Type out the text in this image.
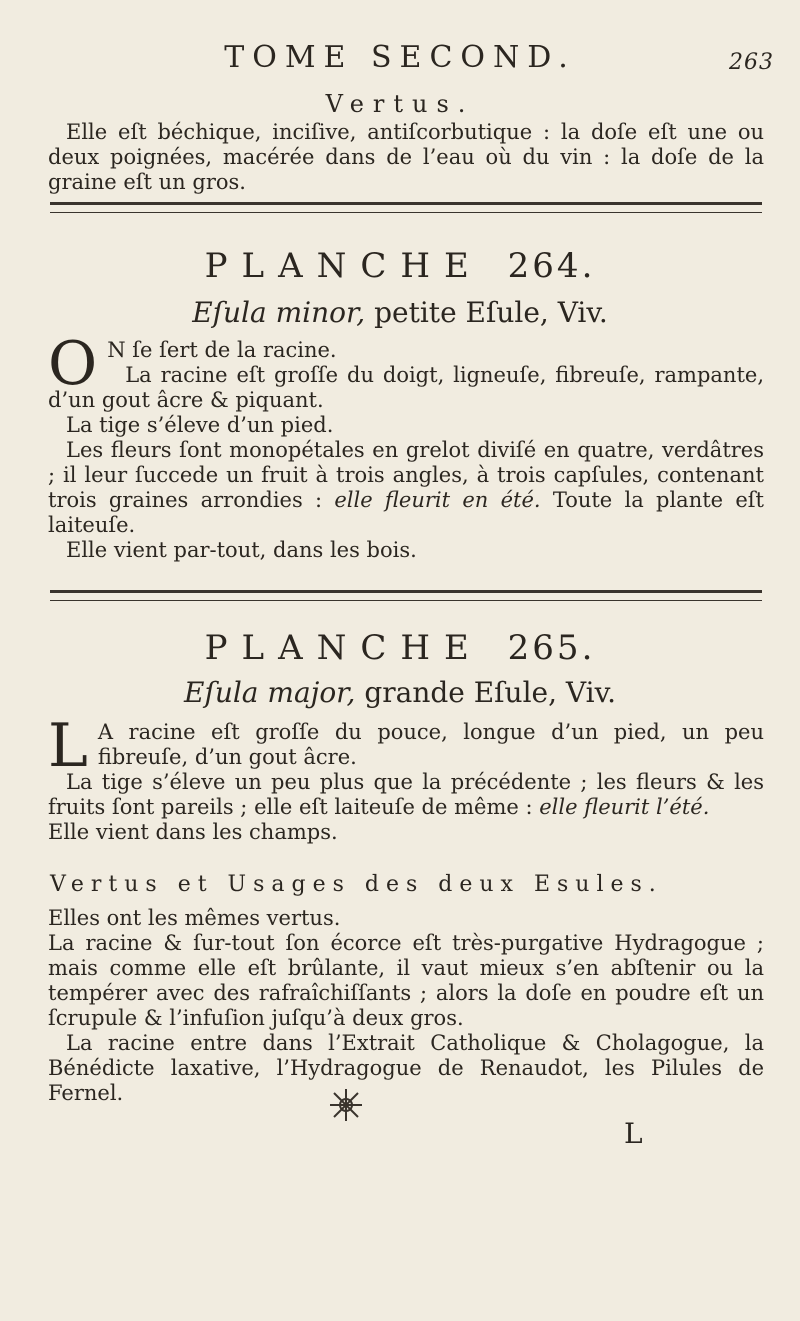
TOME SECOND.	263
Vertus.
Elle eſt béchique, inciſive, antiſcorbutique : la doſe eſt une ou deux poignées, macérée dans de l’eau où du vin : la doſe de la graine eſt un gros.
PLANCHE 264.
Eſula minor, petite Eſule, Viv.
O N ſe ſert de la racine.
La racine eſt groſſe du doigt, ligneuſe, fibreuſe, rampante, d’un gout âcre & piquant.
La tige s’éleve d’un pied.
Les fleurs ſont monopétales en grelot diviſé en quatre, verdâtres ; il leur ſuccede un fruit à trois angles, à trois capſules, contenant trois graines arrondies : elle fleurit en été. Toute la plante eſt laiteuſe.
Elle vient par-tout, dans les bois.
PLANCHE 265.
Eſula major, grande Eſule, Viv.
L A racine eſt groſſe du pouce, longue d’un pied, un peu fibreuſe, d’un gout âcre.
La tige s’éleve un peu plus que la précédente ; les fleurs & les fruits ſont pareils ; elle eſt laiteuſe de même : elle fleurit l’été.
Elle vient dans les champs.
Vertus et Usages des deux Esules.
Elles ont les mêmes vertus.
La racine & ſur-tout ſon écorce eſt très-purgative Hydragogue ; mais comme elle eſt brûlante, il vaut mieux s’en abſtenir ou la tempérer avec des rafraîchiſſants ; alors la doſe en poudre eſt un ſcrupule & l’infuſion juſqu’à deux gros.
La racine entre dans l’Extrait Catholique & Cholagogue, la Bénédicte laxative, l’Hydragogue de Renaudot, les Pilules de Fernel.
L
